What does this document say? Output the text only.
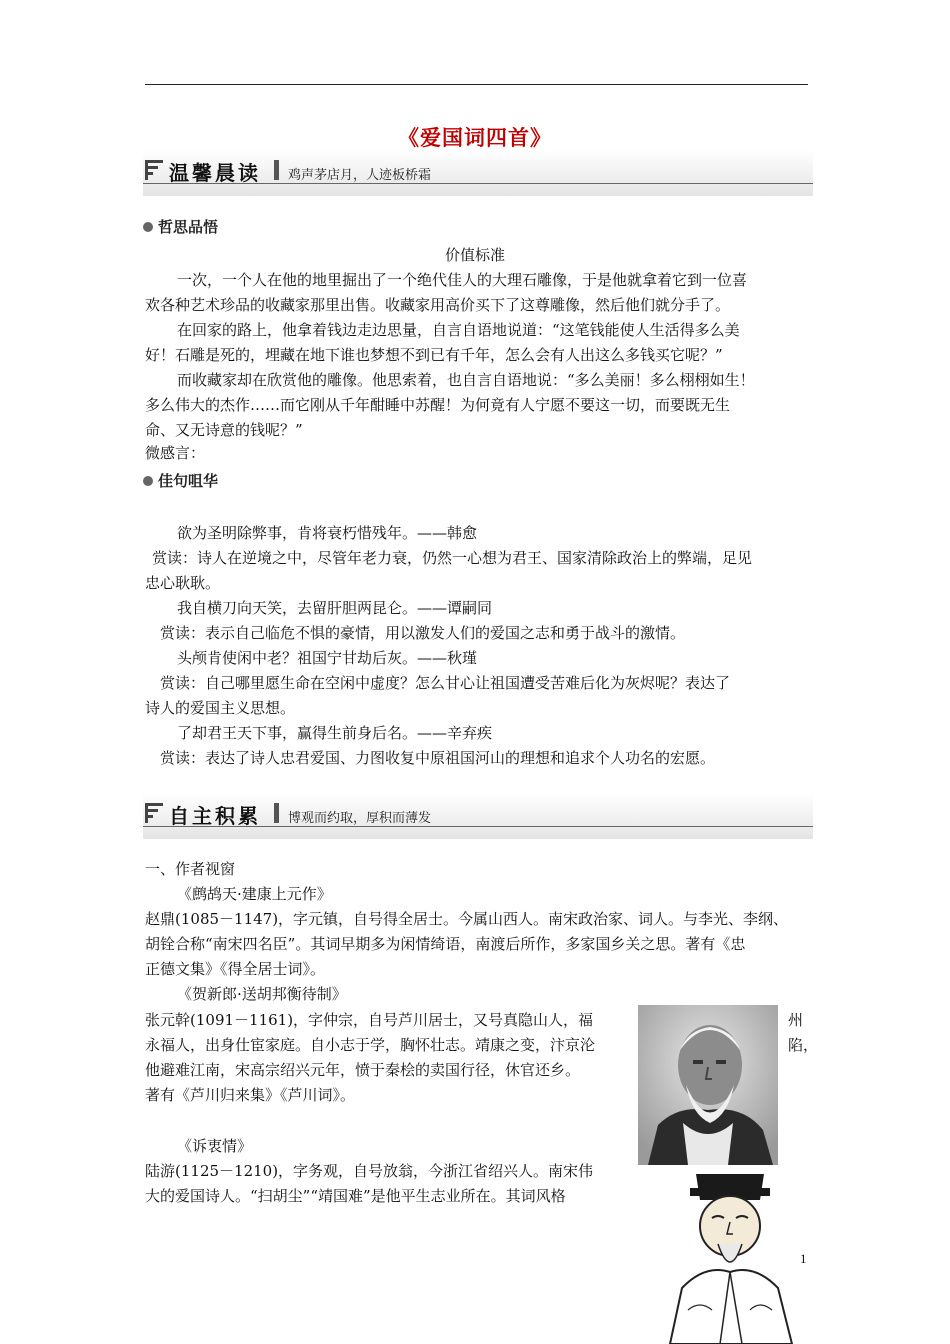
《爱国词四首》
温馨晨读 鸡声茅店月，人迹板桥霜
哲思品悟
价值标准
一次，一个人在他的地里掘出了一个绝代佳人的大理石雕像，于是他就拿着它到一位喜
欢各种艺术珍品的收藏家那里出售。收藏家用高价买下了这尊雕像，然后他们就分手了。
在回家的路上，他拿着钱边走边思量，自言自语地说道：“这笔钱能使人生活得多么美
好！石雕是死的，埋藏在地下谁也梦想不到已有千年，怎么会有人出这么多钱买它呢？”
而收藏家却在欣赏他的雕像。他思索着，也自言自语地说：“多么美丽！多么栩栩如生！
多么伟大的杰作……而它刚从千年酣睡中苏醒！为何竟有人宁愿不要这一切，而要既无生
命、又无诗意的钱呢？”
微感言：
佳句咀华
欲为圣明除弊事，肯将衰朽惜残年。——韩愈
赏读：诗人在逆境之中，尽管年老力衰，仍然一心想为君王、国家清除政治上的弊端，足见
忠心耿耿。
我自横刀向天笑，去留肝胆两昆仑。——谭嗣同
赏读：表示自己临危不惧的豪情，用以激发人们的爱国之志和勇于战斗的激情。
头颅肯使闲中老？祖国宁甘劫后灰。——秋瑾
赏读：自己哪里愿生命在空闲中虚度？怎么甘心让祖国遭受苦难后化为灰烬呢？表达了
诗人的爱国主义思想。
了却君王天下事，赢得生前身后名。——辛弃疾
赏读：表达了诗人忠君爱国、力图收复中原祖国河山的理想和追求个人功名的宏愿。
自主积累 博观而约取，厚积而薄发
一、作者视窗
《鹧鸪天·建康上元作》
赵鼎(1085－1147)，字元镇，自号得全居士。今属山西人。南宋政治家、词人。与李光、李纲、
胡铨合称“南宋四名臣”。其词早期多为闲情绮语，南渡后所作，多家国乡关之思。著有《忠
正德文集》《得全居士词》。
《贺新郎·送胡邦衡待制》
张元幹(1091－1161)，字仲宗，自号芦川居士，又号真隐山人，福	州
永福人，出身仕宦家庭。自小志于学，胸怀壮志。靖康之变，汴京沦	陷，
他避难江南，宋高宗绍兴元年，愤于秦桧的卖国行径，休官还乡。
著有《芦川归来集》《芦川词》。
《诉衷情》
陆游(1125－1210)，字务观，自号放翁，今浙江省绍兴人。南宋伟
大的爱国诗人。“扫胡尘”“靖国难”是他平生志业所在。其词风格
1
